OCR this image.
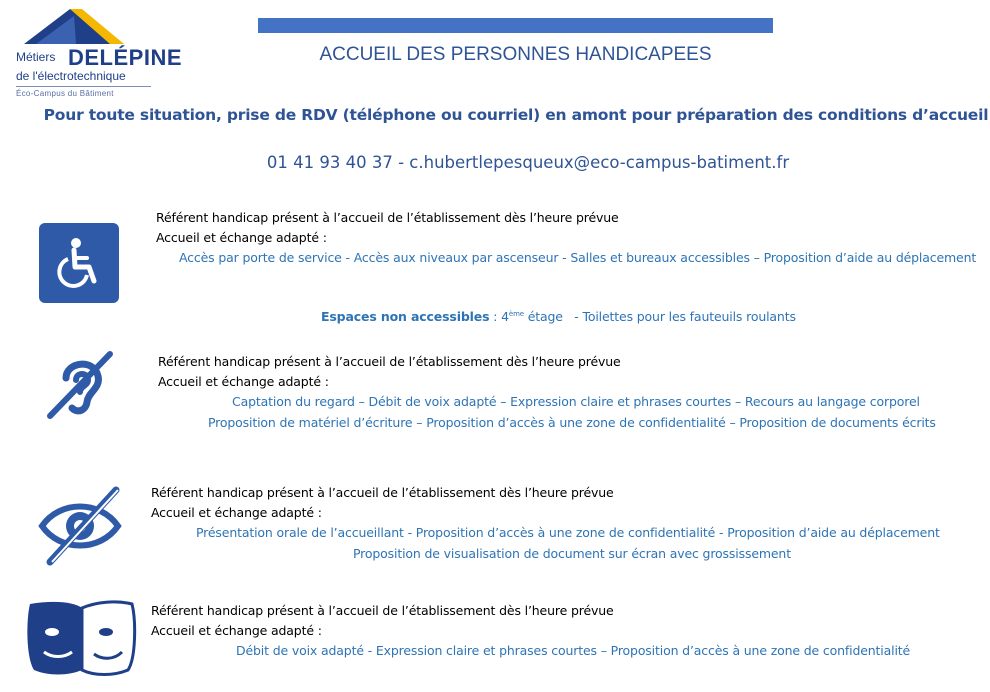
Métiers DELÉPINE
de l'électrotechnique
Éco-Campus du Bâtiment
ACCUEIL DES PERSONNES HANDICAPEES
Pour toute situation, prise de RDV (téléphone ou courriel) en amont pour préparation des conditions d’accueil
01 41 93 40 37 - c.hubertlepesqueux@eco-campus-batiment.fr
Référent handicap présent à l’accueil de l’établissement dès l’heure prévue
Accueil et échange adapté :
Accès par porte de service - Accès aux niveaux par ascenseur - Salles et bureaux accessibles – Proposition d’aide au déplacement
Espaces non accessibles : 4ème étage   - Toilettes pour les fauteuils roulants
Référent handicap présent à l’accueil de l’établissement dès l’heure prévue
Accueil et échange adapté :
Captation du regard – Débit de voix adapté – Expression claire et phrases courtes – Recours au langage corporel
Proposition de matériel d’écriture – Proposition d’accès à une zone de confidentialité – Proposition de documents écrits
Référent handicap présent à l’accueil de l’établissement dès l’heure prévue
Accueil et échange adapté :
Présentation orale de l’accueillant - Proposition d’accès à une zone de confidentialité - Proposition d’aide au déplacement
Proposition de visualisation de document sur écran avec grossissement
Référent handicap présent à l’accueil de l’établissement dès l’heure prévue
Accueil et échange adapté :
Débit de voix adapté - Expression claire et phrases courtes – Proposition d’accès à une zone de confidentialité
